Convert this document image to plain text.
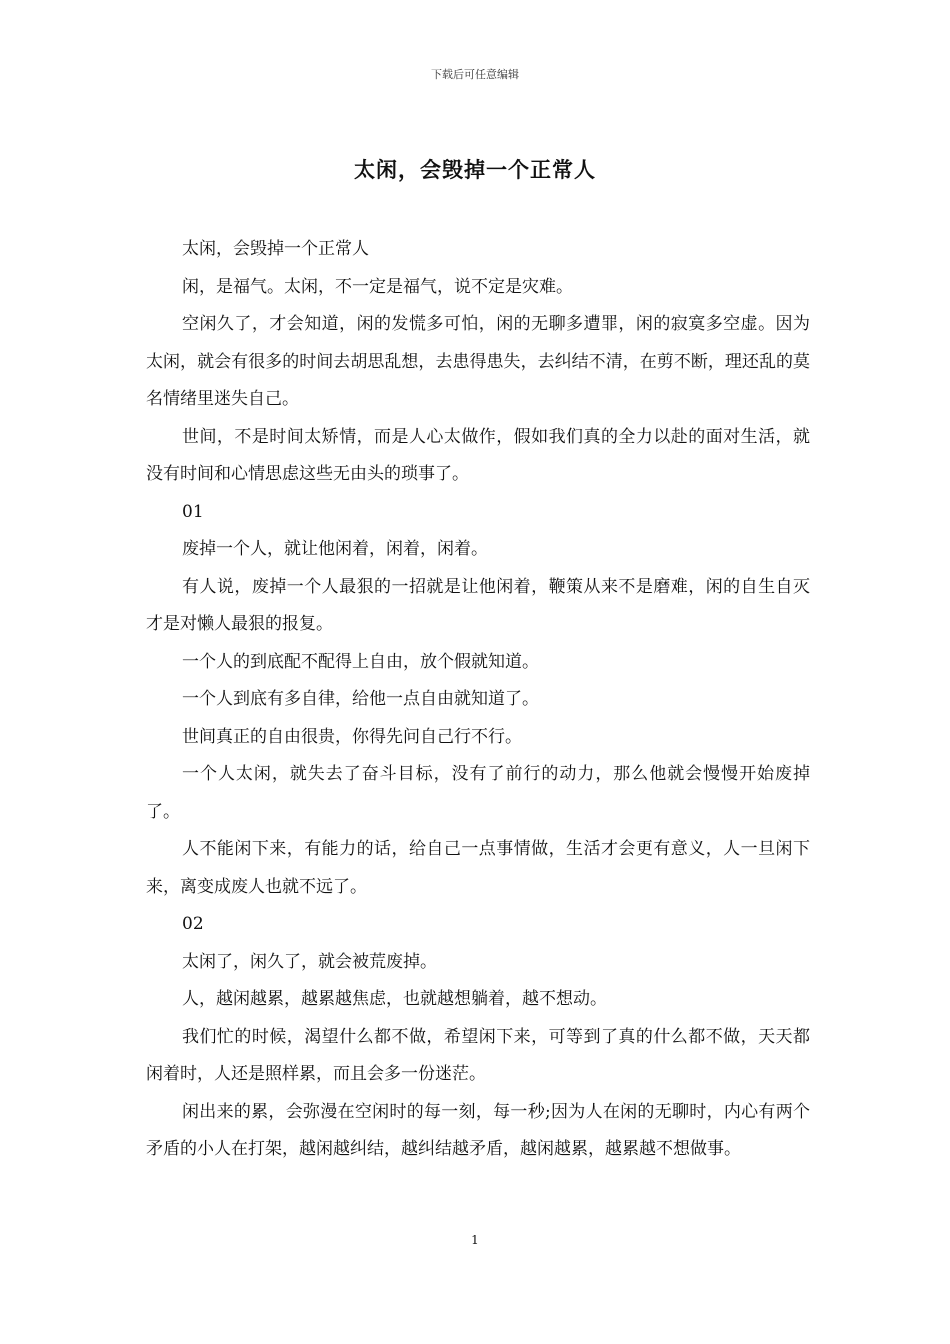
下载后可任意编辑
太闲，会毁掉一个正常人

太闲，会毁掉一个正常人

闲，是福气。太闲，不一定是福气，说不定是灾难。

空闲久了，才会知道，闲的发慌多可怕，闲的无聊多遭罪，闲的寂寞多空虚。因为太闲，就会有很多的时间去胡思乱想，去患得患失，去纠结不清，在剪不断，理还乱的莫名情绪里迷失自己。

世间，不是时间太矫情，而是人心太做作，假如我们真的全力以赴的面对生活，就没有时间和心情思虑这些无由头的琐事了。

01

废掉一个人，就让他闲着，闲着，闲着。

有人说，废掉一个人最狠的一招就是让他闲着，鞭策从来不是磨难，闲的自生自灭才是对懒人最狠的报复。

一个人的到底配不配得上自由，放个假就知道。

一个人到底有多自律，给他一点自由就知道了。

世间真正的自由很贵，你得先问自己行不行。

一个人太闲，就失去了奋斗目标，没有了前行的动力，那么他就会慢慢开始废掉了。

人不能闲下来，有能力的话，给自己一点事情做，生活才会更有意义，人一旦闲下来，离变成废人也就不远了。

02

太闲了，闲久了，就会被荒废掉。

人，越闲越累，越累越焦虑，也就越想躺着，越不想动。

我们忙的时候，渴望什么都不做，希望闲下来，可等到了真的什么都不做，天天都闲着时，人还是照样累，而且会多一份迷茫。

闲出来的累，会弥漫在空闲时的每一刻，每一秒;因为人在闲的无聊时，内心有两个矛盾的小人在打架，越闲越纠结，越纠结越矛盾，越闲越累，越累越不想做事。

1
